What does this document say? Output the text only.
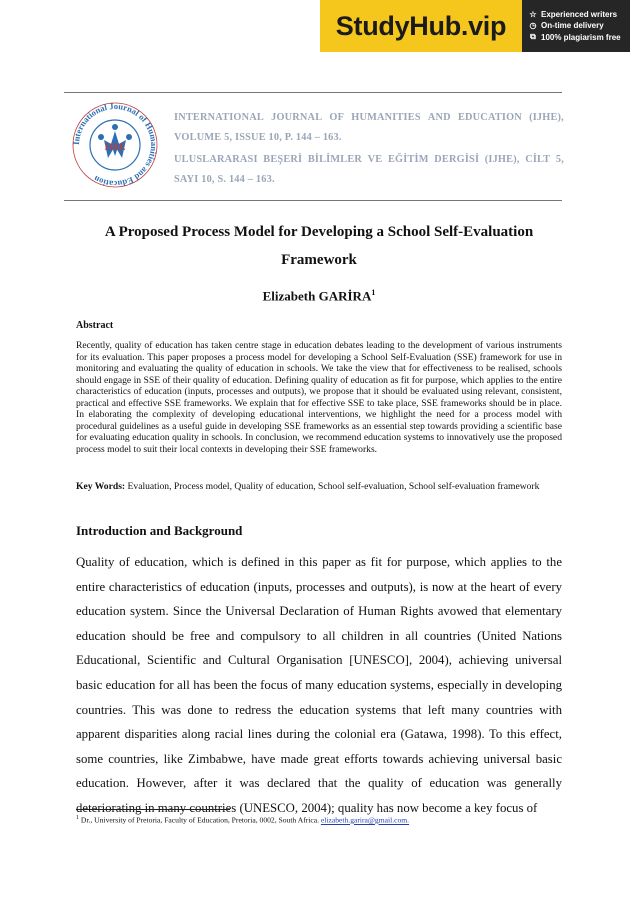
StudyHub.vip	☆ Experienced writers
◷ On-time delivery
⧉ 100% plagiarism free
International Journal of Humanities and Education
IJHE
INTERNATIONAL JOURNAL OF HUMANITIES AND EDUCATION (IJHE),
VOLUME 5, ISSUE 10, P. 144 – 163.
ULUSLARARASI BEŞERİ BİLİMLER VE EĞİTİM DERGİSİ (IJHE), CİLT 5,
SAYI 10, S. 144 – 163.
A Proposed Process Model for Developing a School Self-Evaluation
Framework
Elizabeth GARİRA$^1$
Abstract
Recently, quality of education has taken centre stage in education debates leading to the development of various instruments for its evaluation. This paper proposes a process model for developing a School Self-Evaluation (SSE) framework for use in monitoring and evaluating the quality of education in schools. We take the view that for effectiveness to be realised, schools should engage in SSE of their quality of education. Defining quality of education as fit for purpose, which applies to the entire characteristics of education (inputs, processes and outputs), we propose that it should be evaluated using relevant, consistent, practical and effective SSE frameworks. We explain that for effective SSE to take place, SSE frameworks should be in place. In elaborating the complexity of developing educational interventions, we highlight the need for a process model with procedural guidelines as a useful guide in developing SSE frameworks as an essential step towards providing a scientific base for evaluating education quality in schools. In conclusion, we recommend education systems to innovatively use the proposed process model to suit their local contexts in developing their SSE frameworks.
Key Words: Evaluation, Process model, Quality of education, School self-evaluation, School self-evaluation framework
Introduction and Background
Quality of education, which is defined in this paper as fit for purpose, which applies to the entire characteristics of education (inputs, processes and outputs), is now at the heart of every education system. Since the Universal Declaration of Human Rights avowed that elementary education should be free and compulsory to all children in all countries (United Nations Educational, Scientific and Cultural Organisation [UNESCO], 2004), achieving universal basic education for all has been the focus of many education systems, especially in developing countries. This was done to redress the education systems that left many countries with apparent disparities along racial lines during the colonial era (Gatawa, 1998). To this effect, some countries, like Zimbabwe, have made great efforts towards achieving universal basic education. However, after it was declared that the quality of education was generally deteriorating in many countries (UNESCO, 2004); quality has now become a key focus of
$^1$ Dr., University of Pretoria, Faculty of Education, Pretoria, 0002, South Africa. elizabeth.garira@gmail.com.
